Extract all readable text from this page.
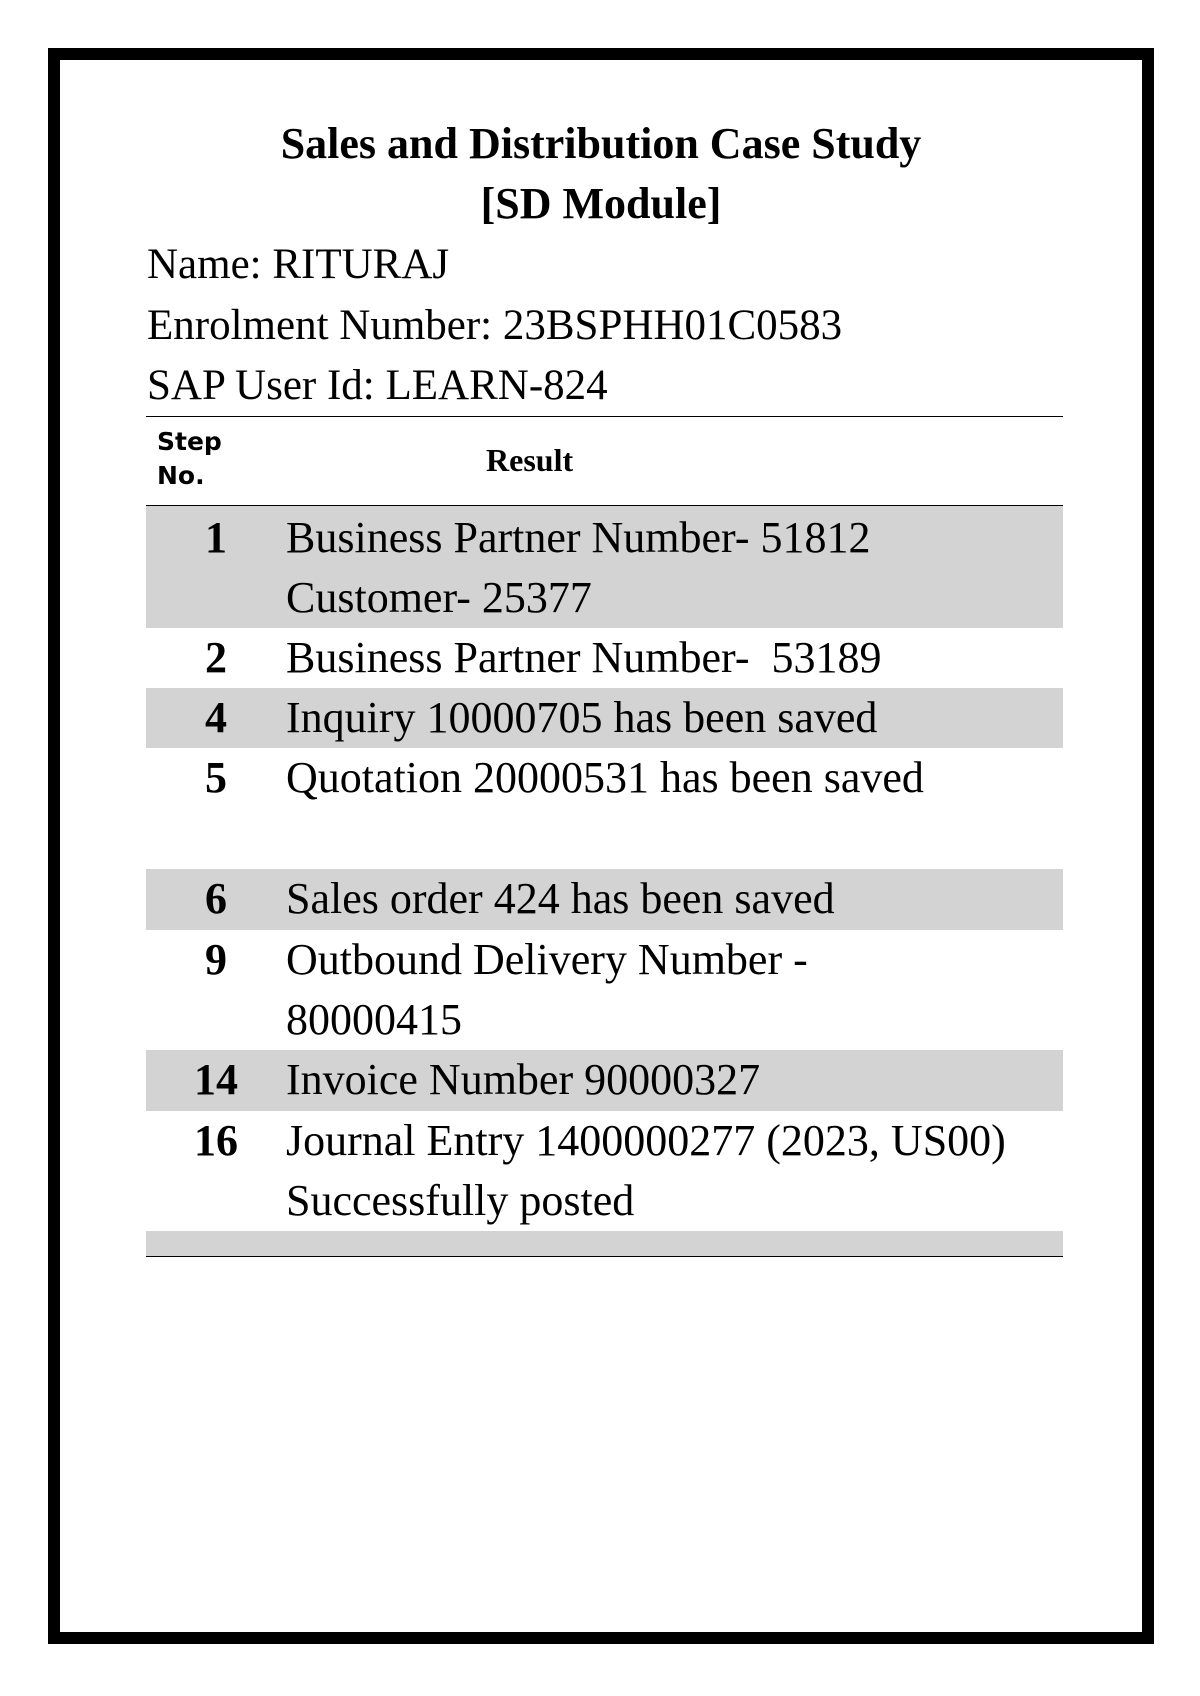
Sales and Distribution Case Study
[SD Module]
Name: RITURAJ
Enrolment Number: 23BSPHH01C0583
SAP User Id: LEARN-824
Step No.	Result
1	Business Partner Number- 51812 Customer- 25377
2	Business Partner Number-  53189
4	Inquiry 10000705 has been saved
5	Quotation 20000531 has been saved
6	Sales order 424 has been saved
9	Outbound Delivery Number - 80000415
14	Invoice Number 90000327
16	Journal Entry 1400000277 (2023, US00) Successfully posted
